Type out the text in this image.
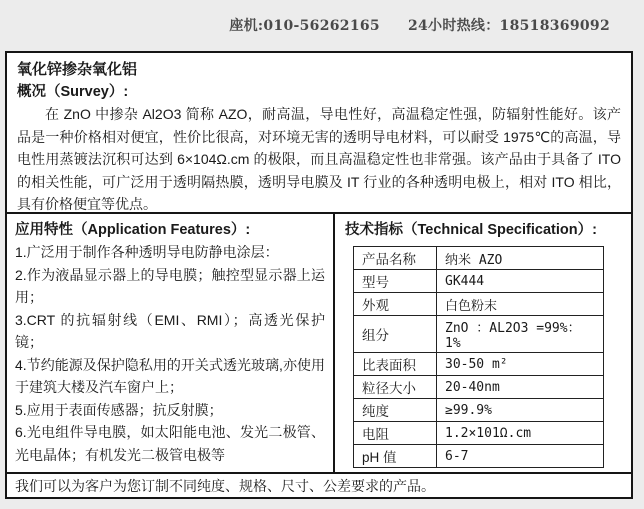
座机:010-56262165 24小时热线：18518369092
氧化锌掺杂氧化铝
概况（Survey）:

在 ZnO 中掺杂 Al2O3 简称 AZO，耐高温，导电性好，高温稳定性强，防辐射性能好。该产品是一种价格相对便宜，性价比很高，对环境无害的透明导电材料，可以耐受 1975℃的高温，导电性用蒸镀法沉积可达到 6×104Ω.cm 的极限，而且高温稳定性也非常强。该产品由于具备了 ITO 的相关性能，可广泛用于透明隔热膜，透明导电膜及 IT 行业的各种透明电极上，相对 ITO 相比，具有价格便宜等优点。

应用特性（Application Features）:
1.广泛用于制作各种透明导电防静电涂层：
2.作为液晶显示器上的导电膜；触控型显示器上运用；
3.CRT 的抗辐射线（EMI、RMI）；高透光保护镜；
4.节约能源及保护隐私用的开关式透光玻璃,亦使用于建筑大楼及汽车窗户上；
5.应用于表面传感器；抗反射膜；
6.光电组件导电膜，如太阳能电池、发光二极管、光电晶体；有机发光二极管电极等
技术指标（Technical Specification）:
产品名称	纳米 AZO
型号	GK444
外观	白色粉末
组分	ZnO ：AL2O3 =99%：1%
比表面积	30-50 m²
粒径大小	20-40nm
纯度	≥99.9%
电阻	1.2×101Ω.cm
pH 值	6-7
我们可以为客户为您订制不同纯度、规格、尺寸、公差要求的产品。
